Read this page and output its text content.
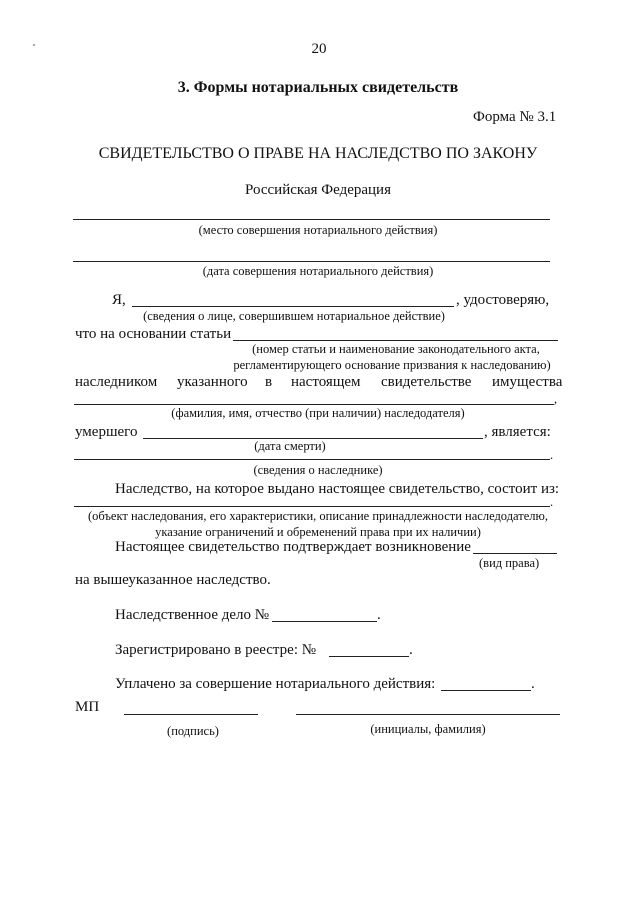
20
3. Формы нотариальных свидетельств
Форма № 3.1
СВИДЕТЕЛЬСТВО О ПРАВЕ НА НАСЛЕДСТВО ПО ЗАКОНУ
Российская Федерация
(место совершения нотариального действия)
(дата совершения нотариального действия)
Я,	, удостоверяю,
(сведения о лице, совершившем нотариальное действие)
что на основании статьи
(номер статьи и наименование законодательного акта,
регламентирующего основание призвания к наследованию)
наследником указанного в настоящем свидетельстве имущества
,
(фамилия, имя, отчество (при наличии) наследодателя)
умершего	, является:
(дата смерти)
.
(сведения о наследнике)
Наследство, на которое выдано настоящее свидетельство, состоит из:
.
(объект наследования, его характеристики, описание принадлежности наследодателю,
указание ограничений и обременений права при их наличии)
Настоящее свидетельство подтверждает возникновение
(вид права)
на вышеуказанное наследство.
Наследственное дело №	.
Зарегистрировано в реестре: №	.
Уплачено за совершение нотариального действия:	.
МП
(подпись)	(инициалы, фамилия)
